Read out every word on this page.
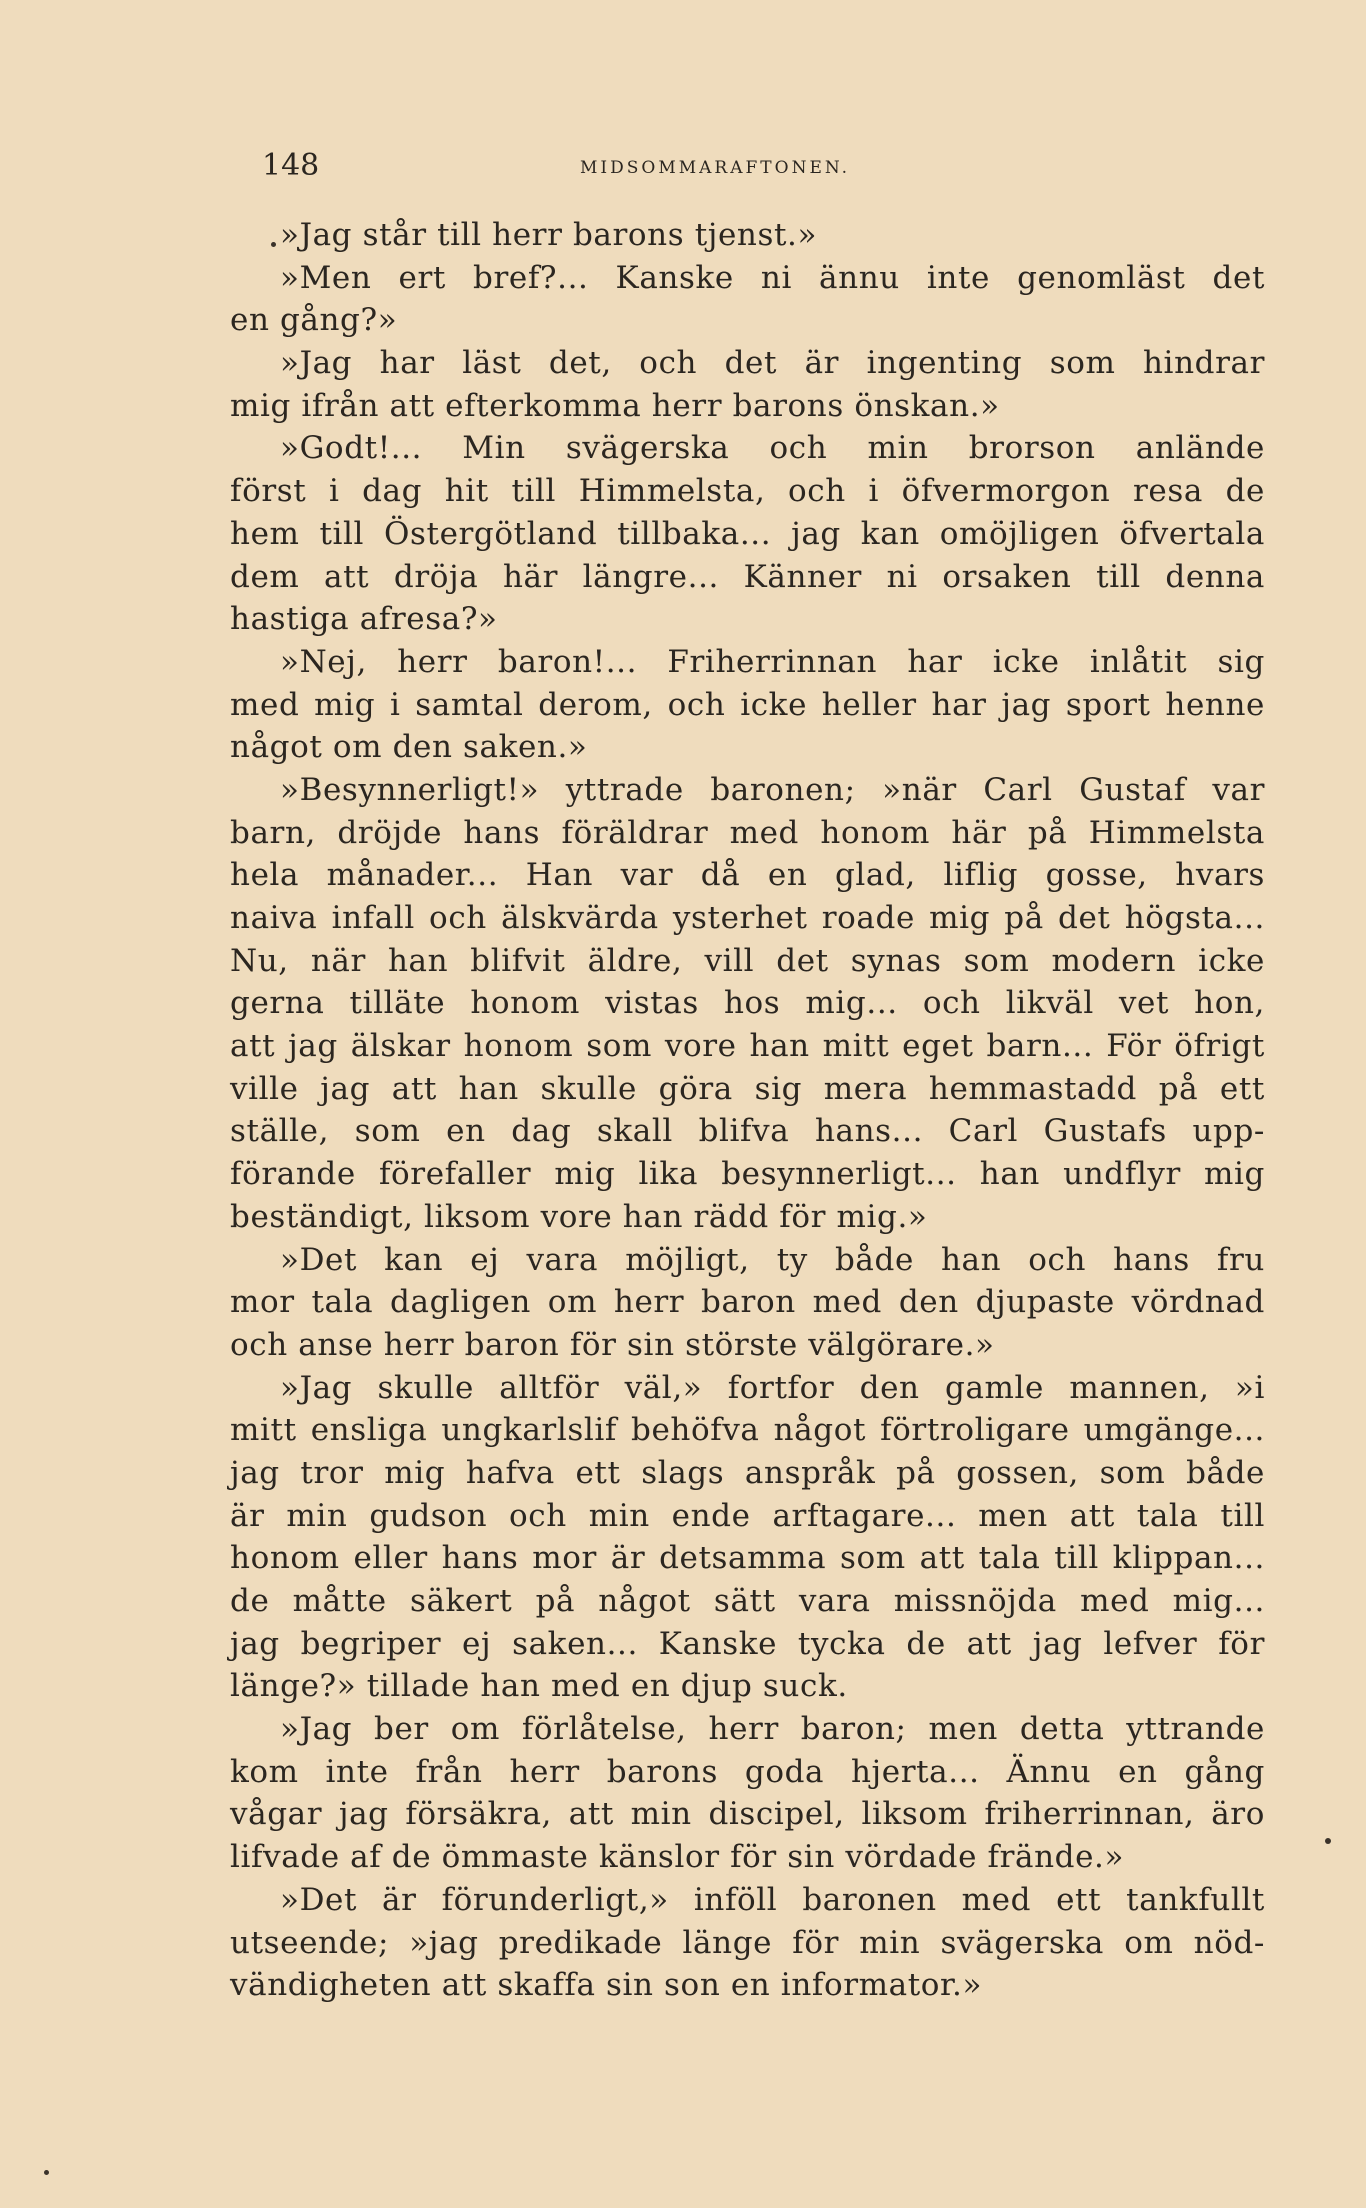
148	MIDSOMMARAFTONEN.
»Jag står till herr barons tjenst.»
»Men ert bref?... Kanske ni ännu inte genomläst det
en gång?»
»Jag har läst det, och det är ingenting som hindrar
mig ifrån att efterkomma herr barons önskan.»
»Godt!... Min svägerska och min brorson anlände
först i dag hit till Himmelsta, och i öfvermorgon resa de
hem till Östergötland tillbaka... jag kan omöjligen öfvertala
dem att dröja här längre... Känner ni orsaken till denna
hastiga afresa?»
»Nej, herr baron!... Friherrinnan har icke inlåtit sig
med mig i samtal derom, och icke heller har jag sport henne
något om den saken.»
»Besynnerligt!» yttrade baronen; »när Carl Gustaf var
barn, dröjde hans föräldrar med honom här på Himmelsta
hela månader... Han var då en glad, liflig gosse, hvars
naiva infall och älskvärda ysterhet roade mig på det högsta...
Nu, när han blifvit äldre, vill det synas som modern icke
gerna tilläte honom vistas hos mig... och likväl vet hon,
att jag älskar honom som vore han mitt eget barn... För öfrigt
ville jag att han skulle göra sig mera hemmastadd på ett
ställe, som en dag skall blifva hans... Carl Gustafs upp-
förande förefaller mig lika besynnerligt... han undflyr mig
beständigt, liksom vore han rädd för mig.»
»Det kan ej vara möjligt, ty både han och hans fru
mor tala dagligen om herr baron med den djupaste vördnad
och anse herr baron för sin störste välgörare.»
»Jag skulle alltför väl,» fortfor den gamle mannen, »i
mitt ensliga ungkarlslif behöfva något förtroligare umgänge...
jag tror mig hafva ett slags anspråk på gossen, som både
är min gudson och min ende arftagare... men att tala till
honom eller hans mor är detsamma som att tala till klippan...
de måtte säkert på något sätt vara missnöjda med mig...
jag begriper ej saken... Kanske tycka de att jag lefver för
länge?» tillade han med en djup suck.
»Jag ber om förlåtelse, herr baron; men detta yttrande
kom inte från herr barons goda hjerta... Ännu en gång
vågar jag försäkra, att min discipel, liksom friherrinnan, äro
lifvade af de ömmaste känslor för sin vördade frände.»
»Det är förunderligt,» inföll baronen med ett tankfullt
utseende; »jag predikade länge för min svägerska om nöd-
vändigheten att skaffa sin son en informator.»
